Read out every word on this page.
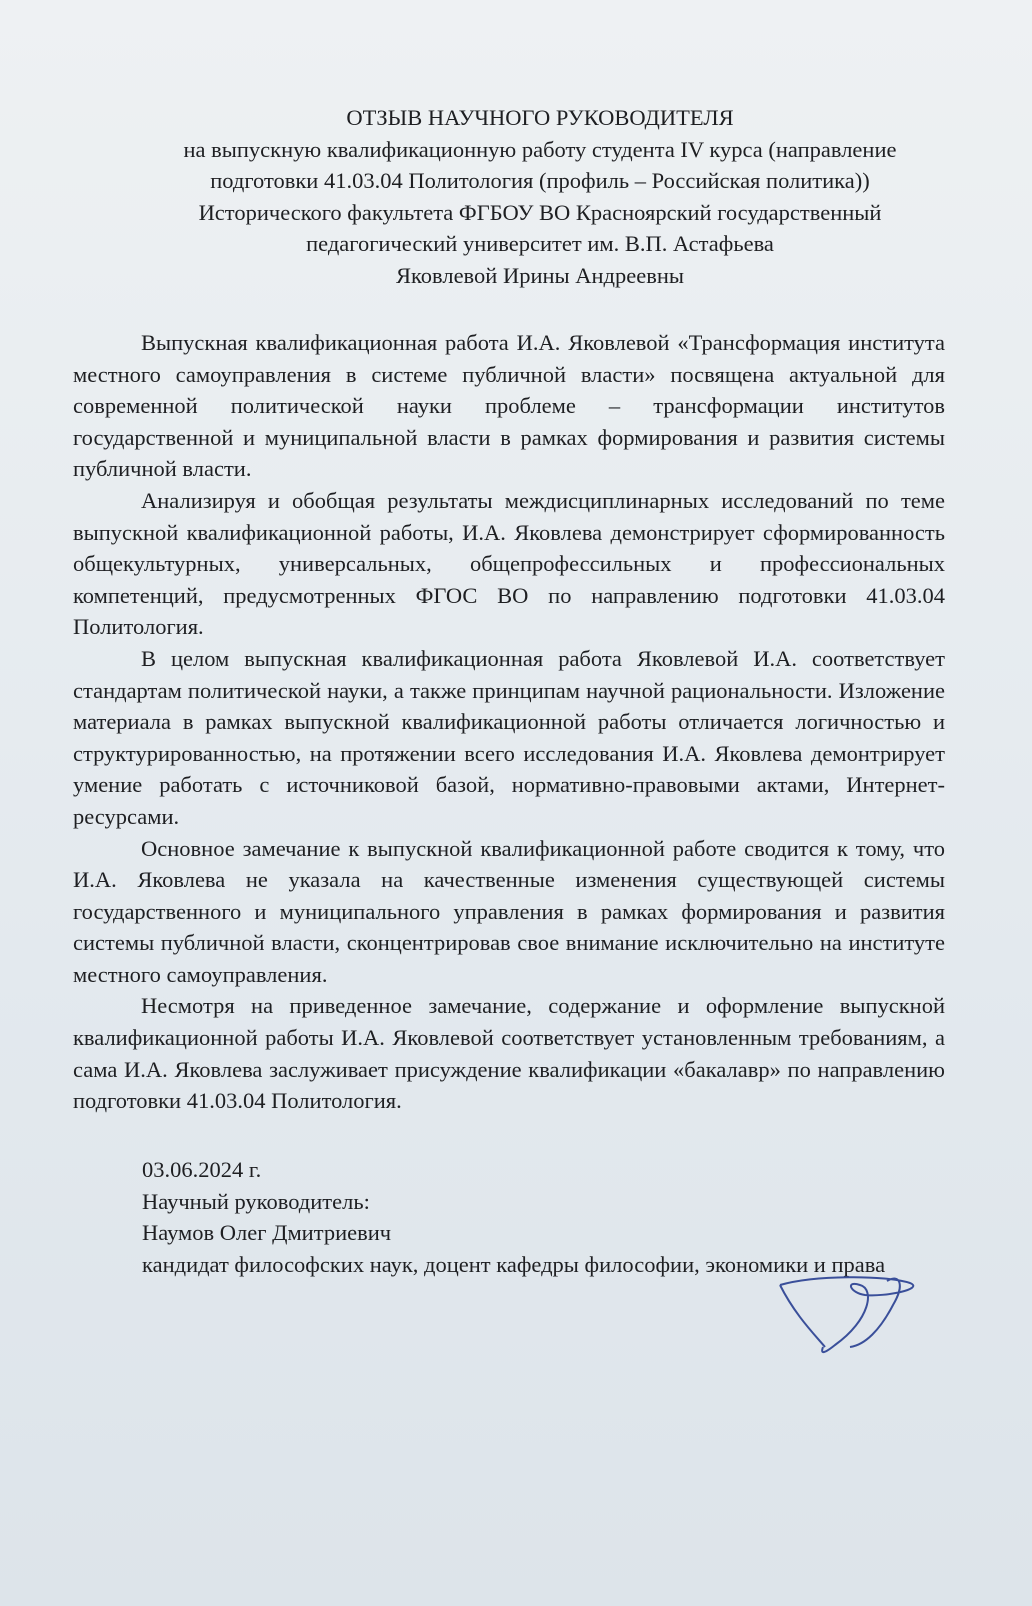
ОТЗЫВ НАУЧНОГО РУКОВОДИТЕЛЯ
на выпускную квалификационную работу студента IV курса (направление
подготовки 41.03.04 Политология (профиль – Российская политика))
Исторического факультета ФГБОУ ВО Красноярский государственный
педагогический университет им. В.П. Астафьева
Яковлевой Ирины Андреевны

Выпускная квалификационная работа И.А. Яковлевой «Трансформация института местного самоуправления в системе публичной власти» посвящена актуальной для современной политической науки проблеме – трансформации институтов государственной и муниципальной власти в рамках формирования и развития системы публичной власти.

Анализируя и обобщая результаты междисциплинарных исследований по теме выпускной квалификационной работы, И.А. Яковлева демонстрирует сформированность общекультурных, универсальных, общепрофессильных и профессиональных компетенций, предусмотренных ФГОС ВО по направлению подготовки 41.03.04 Политология.

В целом выпускная квалификационная работа Яковлевой И.А. соответствует стандартам политической науки, а также принципам научной рациональности. Изложение материала в рамках выпускной квалификационной работы отличается логичностью и структурированностью, на протяжении всего исследования И.А. Яковлева демонтрирует умение работать с источниковой базой, нормативно-правовыми актами, Интернет-ресурсами.

Основное замечание к выпускной квалификационной работе сводится к тому, что И.А. Яковлева не указала на качественные изменения существующей системы государственного и муниципального управления в рамках формирования и развития системы публичной власти, сконцентрировав свое внимание исключительно на институте местного самоуправления.

Несмотря на приведенное замечание, содержание и оформление выпускной квалификационной работы И.А. Яковлевой соответствует установленным требованиям, а сама И.А. Яковлева заслуживает присуждение квалификации «бакалавр» по направлению подготовки 41.03.04 Политология.

03.06.2024 г.
Научный руководитель:
Наумов Олег Дмитриевич
кандидат философских наук, доцент кафедры философии, экономики и права
